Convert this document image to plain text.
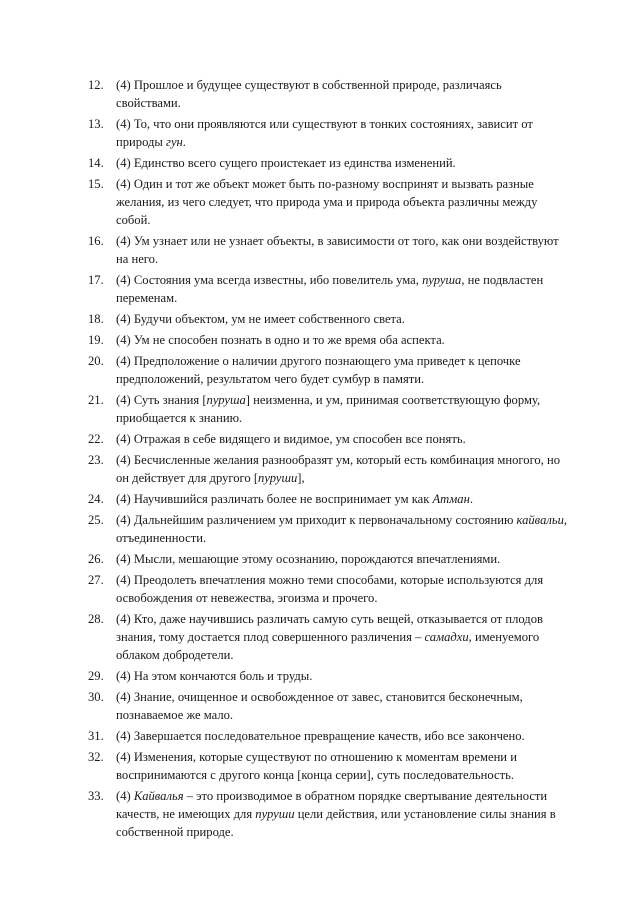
12. (4) Прошлое и будущее существуют в собственной природе, различаясь свойствами.
13. (4) То, что они проявляются или существуют в тонких состояниях, зависит от природы гун.
14. (4) Единство всего сущего проистекает из единства изменений.
15. (4) Один и тот же объект может быть по-разному воспринят и вызвать разные желания, из чего следует, что природа ума и природа объекта различны между собой.
16. (4) Ум узнает или не узнает объекты, в зависимости от того, как они воздействуют на него.
17. (4) Состояния ума всегда известны, ибо повелитель ума, пуруша, не подвластен переменам.
18. (4) Будучи объектом, ум не имеет собственного света.
19. (4) Ум не способен познать в одно и то же время оба аспекта.
20. (4) Предположение о наличии другого познающего ума приведет к цепочке предположений, результатом чего будет сумбур в памяти.
21. (4) Суть знания [пуруша] неизменна, и ум, принимая соответствующую форму, приобщается к знанию.
22. (4) Отражая в себе видящего и видимое, ум способен все понять.
23. (4) Бесчисленные желания разнообразят ум, который есть комбинация многого, но он действует для другого [пуруши],
24. (4) Научившийся различать более не воспринимает ум как Атман.
25. (4) Дальнейшим различением ум приходит к первоначальному состоянию кайвальи, отъединенности.
26. (4) Мысли, мешающие этому осознанию, порождаются впечатлениями.
27. (4) Преодолеть впечатления можно теми способами, которые используются для освобождения от невежества, эгоизма и прочего.
28. (4) Кто, даже научившись различать самую суть вещей, отказывается от плодов знания, тому достается плод совершенного различения – самадхи, именуемого облаком добродетели.
29. (4) На этом кончаются боль и труды.
30. (4) Знание, очищенное и освобожденное от завес, становится бесконечным, познаваемое же мало.
31. (4) Завершается последовательное превращение качеств, ибо все закончено.
32. (4) Изменения, которые существуют по отношению к моментам времени и воспринимаются с другого конца [конца серии], суть последовательность.
33. (4) Кайвалья – это производимое в обратном порядке свертывание деятельности качеств, не имеющих для пуруши цели действия, или установление силы знания в собственной природе.
